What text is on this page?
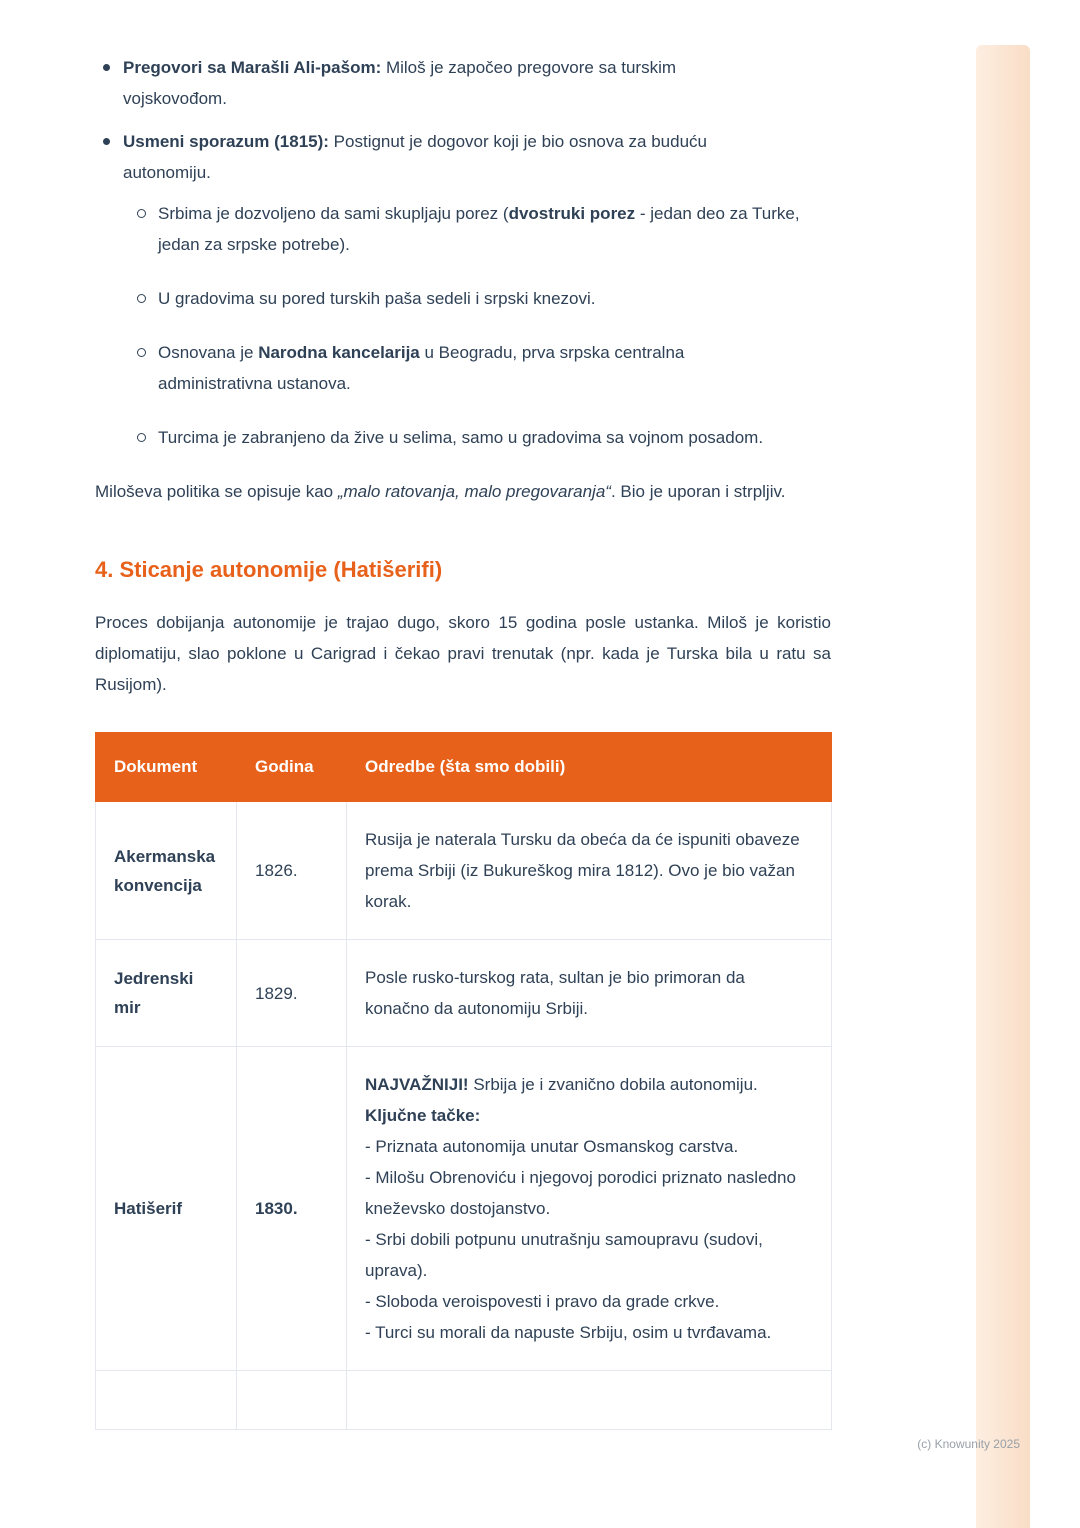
Pregovori sa Marašli Ali-pašom: Miloš je započeo pregovore sa turskim vojskovođom.
Usmeni sporazum (1815): Postignut je dogovor koji je bio osnova za buduću autonomiju.
Srbima je dozvoljeno da sami skupljaju porez (dvostruki porez - jedan deo za Turke, jedan za srpske potrebe).
U gradovima su pored turskih paša sedeli i srpski knezovi.
Osnovana je Narodna kancelarija u Beogradu, prva srpska centralna administrativna ustanova.
Turcima je zabranjeno da žive u selima, samo u gradovima sa vojnom posadom.

Miloševa politika se opisuje kao „malo ratovanja, malo pregovaranja“. Bio je uporan i strpljiv.

4. Sticanje autonomije (Hatišerifi)

Proces dobijanja autonomije je trajao dugo, skoro 15 godina posle ustanka. Miloš je koristio diplomatiju, slao poklone u Carigrad i čekao pravi trenutak (npr. kada je Turska bila u ratu sa Rusijom).

Dokument	Godina	Odredbe (šta smo dobili)
Akermanska konvencija	1826.	Rusija je naterala Tursku da obeća da će ispuniti obaveze prema Srbiji (iz Bukureškog mira 1812). Ovo je bio važan korak.
Jedrenski mir	1829.	Posle rusko-turskog rata, sultan je bio primoran da konačno da autonomiju Srbiji.
Hatišerif	1830.	
NAJVAŽNIJI! Srbija je i zvanično dobila autonomiju.
Ključne tačke:
- Priznata autonomija unutar Osmanskog carstva.
- Milošu Obrenoviću i njegovoj porodici priznato nasledno kneževsko dostojanstvo.
- Srbi dobili potpunu unutrašnju samoupravu (sudovi, uprava).
- Sloboda veroispovesti i pravo da grade crkve.
- Turci su morali da napuste Srbiju, osim u tvrđavama.

(c) Knowunity 2025
